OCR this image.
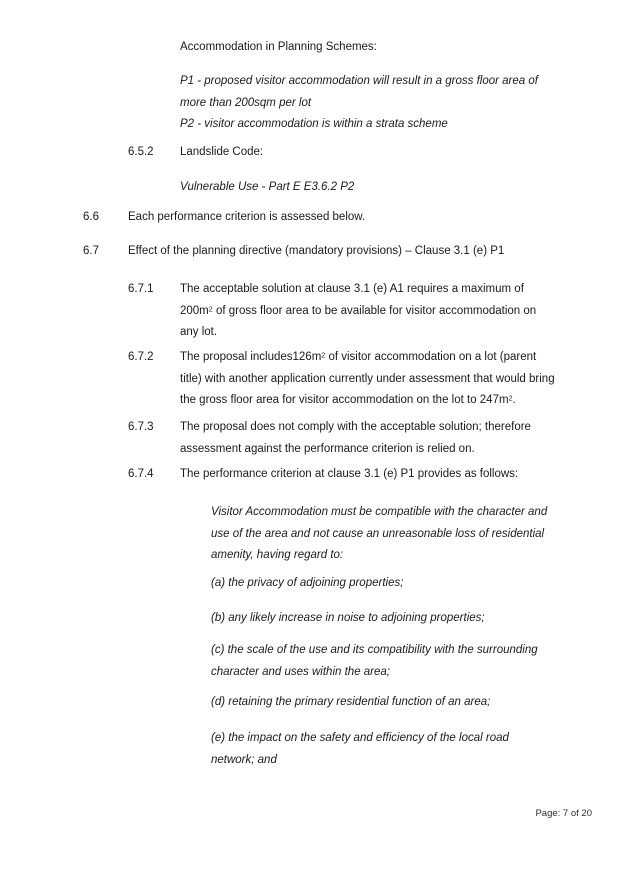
Accommodation in Planning Schemes:
P1 - proposed visitor accommodation will result in a gross floor area of
more than 200sqm per lot
P2 - visitor accommodation is within a strata scheme
6.5.2 Landslide Code:
Vulnerable Use - Part E E3.6.2 P2
6.6	Each performance criterion is assessed below.
6.7	Effect of the planning directive (mandatory provisions) – Clause 3.1 (e) P1
6.7.1 The acceptable solution at clause 3.1 (e) A1 requires a maximum of
$200m^2$ of gross floor area to be available for visitor accommodation on
any lot.
6.7.2 The proposal $includes126m^2$ of visitor accommodation on a lot (parent
title) with another application currently under assessment that would bring
the gross floor area for visitor accommodation on the lot to $247m^2$.
6.7.3 The proposal does not comply with the acceptable solution; therefore
assessment against the performance criterion is relied on.
6.7.4 The performance criterion at clause 3.1 (e) P1 provides as follows:
Visitor Accommodation must be compatible with the character and
use of the area and not cause an unreasonable loss of residential
amenity, having regard to:
(a) the privacy of adjoining properties;
(b) any likely increase in noise to adjoining properties;
(c) the scale of the use and its compatibility with the surrounding
character and uses within the area;
(d) retaining the primary residential function of an area;
(e) the impact on the safety and efficiency of the local road
network; and
Page: 7 of 20
